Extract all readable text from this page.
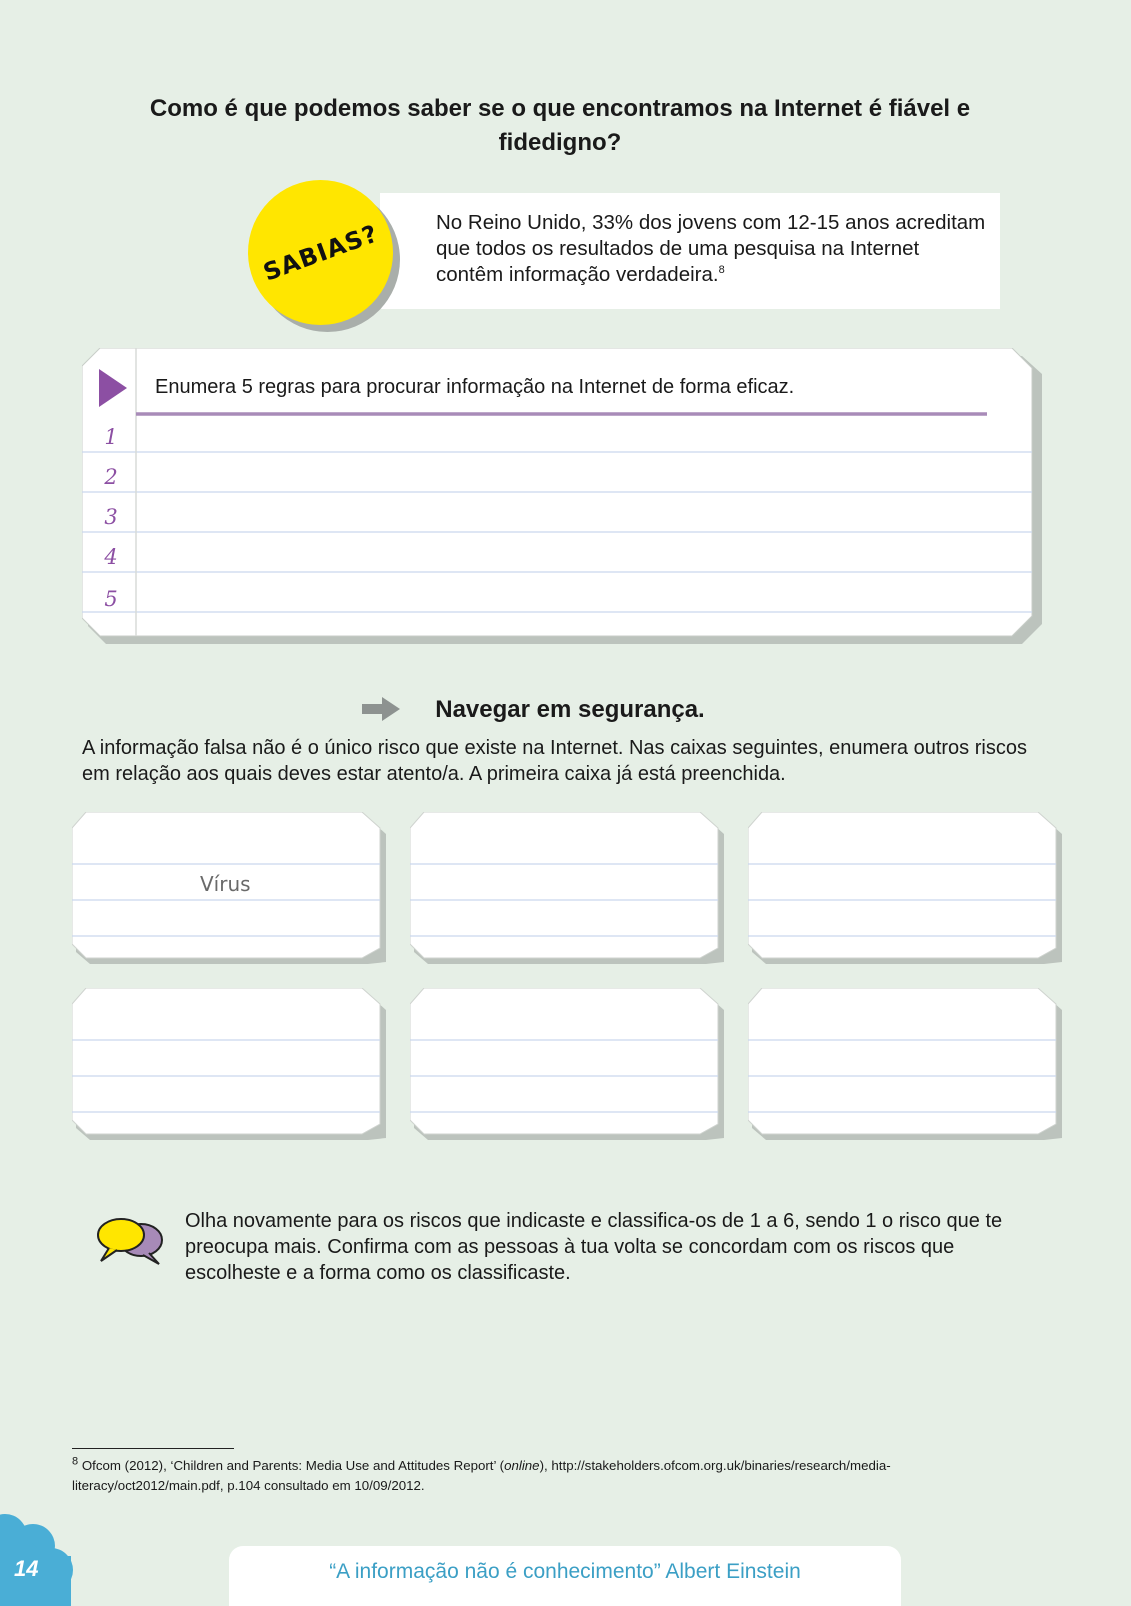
Como é que podemos saber se o que encontramos na Internet é fiável e fidedigno?
SABIAS?	No Reino Unido, 33% dos jovens com 12-15 anos acreditam que todos os resultados de uma pesquisa na Internet contêm informação verdadeira.$^8$
Enumera 5 regras para procurar informação na Internet de forma eficaz.
1
2
3
4
5
Navegar em segurança.
A informação falsa não é o único risco que existe na Internet. Nas caixas seguintes, enumera outros riscos em relação aos quais deves estar atento/a. A primeira caixa já está preenchida.
Vírus
Olha novamente para os riscos que indicaste e classifica-os de 1 a 6, sendo 1 o risco que te preocupa mais. Confirma com as pessoas à tua volta se concordam com os riscos que escolheste e a forma como os classificaste.
$^8$ Ofcom (2012), ‘Children and Parents: Media Use and Attitudes Report’ (online), http://stakeholders.ofcom.org.uk/binaries/research/media-literacy/oct2012/main.pdf, p.104 consultado em 10/09/2012.
14	“A informação não é conhecimento” Albert Einstein
